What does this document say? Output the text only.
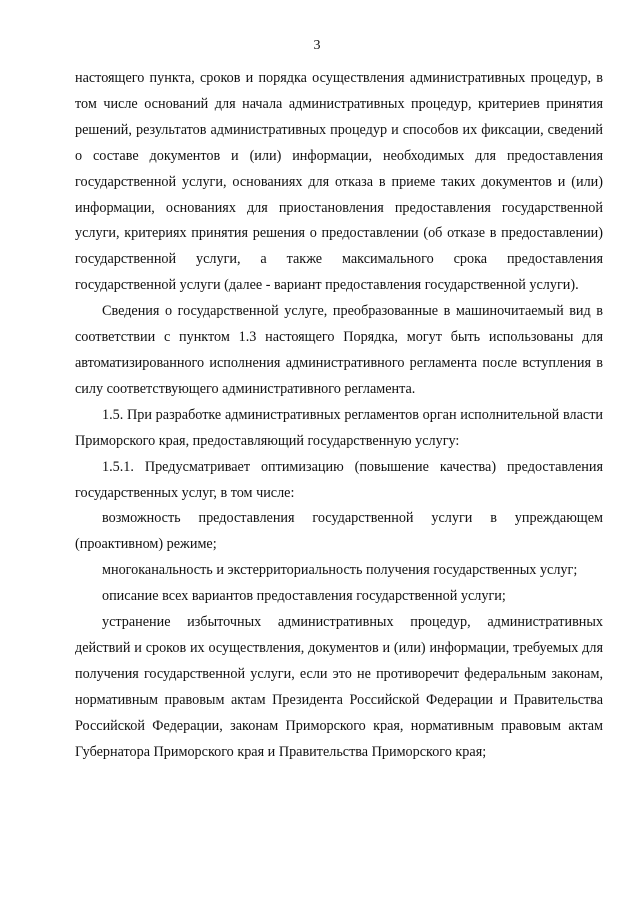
3

настоящего пункта, сроков и порядка осуществления административных процедур, в том числе оснований для начала административных процедур, критериев принятия решений, результатов административных процедур и способов их фиксации, сведений о составе документов и (или) информации, необходимых для предоставления государственной услуги, основаниях для отказа в приеме таких документов и (или) информации, основаниях для приостановления предоставления государственной услуги, критериях принятия решения о предоставлении (об отказе в предоставлении) государственной услуги, а также максимального срока предоставления государственной услуги (далее - вариант предоставления государственной услуги).

Сведения о государственной услуге, преобразованные в машиночитаемый вид в соответствии с пунктом 1.3 настоящего Порядка, могут быть использованы для автоматизированного исполнения административного регламента после вступления в силу соответствующего административного регламента.

1.5. При разработке административных регламентов орган исполнительной власти Приморского края, предоставляющий государственную услугу:

1.5.1. Предусматривает оптимизацию (повышение качества) предоставления государственных услуг, в том числе:

возможность предоставления государственной услуги в упреждающем (проактивном) режиме;

многоканальность и экстерриториальность получения государственных услуг;

описание всех вариантов предоставления государственной услуги;

устранение избыточных административных процедур, административных действий и сроков их осуществления, документов и (или) информации, требуемых для получения государственной услуги, если это не противоречит федеральным законам, нормативным правовым актам Президента Российской Федерации и Правительства Российской Федерации, законам Приморского края, нормативным правовым актам Губернатора Приморского края и Правительства Приморского края;
